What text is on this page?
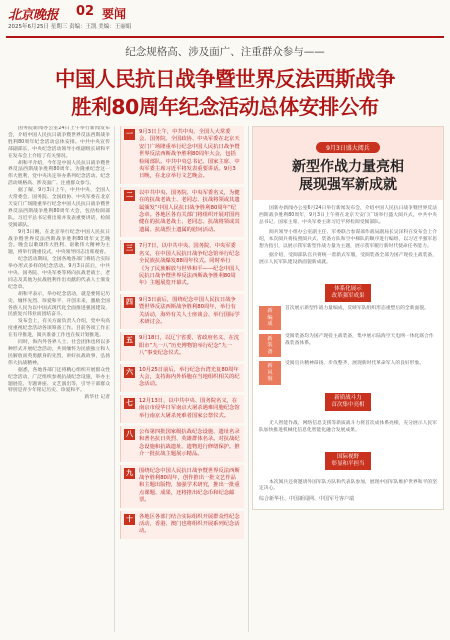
北京晚报 02 要闻
2025年6月25日 星期三 责编：王凯 美编：王丽娟
纪念规格高、涉及面广、注重群众参与——
中国人民抗日战争暨世界反法西斯战争
胜利80周年纪念活动总体安排公布

国务院新闻办公室24日上午举行新闻发布会，介绍中国人民抗日战争暨世界反法西斯战争胜利80周年纪念活动总体安排。中共中央宣传部副部长、中央纪念活动领导小组副组长胡和平在发布会上介绍了有关情况。

胡和平介绍，今年是中国人民抗日战争暨世界反法西斯战争胜利80周年。为隆重纪念这一伟大胜利，党中央决定举办系列纪念活动。纪念活动规格高、涉及面广、注重群众参与。

据了解，9月3日上午，中共中央、全国人大常委会、国务院、全国政协、中央军委在北京天安门广场隆重举行纪念中国人民抗日战争暨世界反法西斯战争胜利80周年大会，包括检阅部队。习近平总书记将出席并发表重要讲话，检阅受阅部队。

9月3日晚，在北京举行纪念中国人民抗日战争暨世界反法西斯战争胜利80周年文艺晚会。晚会以歌颂伟大胜利、讴歌伟大精神为主题，将举行隆重仪式，中央领导同志出席观看。

纪念活动期间，全国各地各部门将结合实际举办形式多样的纪念活动。9月3日前后，中共中央、国务院、中央军委等将向抗战老战士、老同志及其他为抗战胜利作出贡献的代表人士颁发纪念章。

胡和平表示，举办纪念活动，就是要铭记历史、缅怀先烈、珍爱和平、开创未来，激励全国各族人民为以中国式现代化全面推进强国建设、民族复兴伟业而团结奋斗。

发布会上，有关方面负责人介绍，党中央高度重视纪念活动各项筹备工作。目前各项工作正在有序推进，阅兵准备工作也在按计划推进。

同时，海内外各界人士、社会团体也将以多种形式开展纪念活动，共同缅怀为民族独立和人民解放而英勇献身的先烈，讲好抗战故事，弘扬伟大抗战精神。

据悉，各地各部门还将精心组织开展群众性纪念活动，广泛组织参观抗战纪念设施，举办主题展览、专题讲座、文艺演出等，引导干部群众特别是青少年铭记历史、珍爱和平。

新华社 记者

一	9月3日上午，中共中央、全国人大常委会、国务院、全国政协、中央军委在北京天安门广场隆重举行纪念中国人民抗日战争暨世界反法西斯战争胜利80周年大会，包括检阅部队。中共中央总书记、国家主席、中央军委主席习近平将发表重要讲话。9月3日晚，在北京举行文艺晚会。
二	以中共中央、国务院、中央军委名义，为健在的抗战老战士、老同志、抗战将领或其遗属颁发“中国人民抗日战争胜利80周年”纪念章。各地区各有关部门将组织开展对国内健在的抗战老战士、老同志、抗战将领或其遗属、抗战烈士遗属的慰问活动。
三	7月7日，以中共中央、国务院、中央军委名义，在中国人民抗日战争纪念馆举行纪念全民族抗战爆发88周年仪式。同时举行《为了民族解放与世界和平——纪念中国人民抗日战争暨世界反法西斯战争胜利80周年》主题展览开幕式。
四	9月3日前后，围绕纪念中国人民抗日战争暨世界反法西斯战争胜利80周年，举行有关活动，海外有关人士座谈会、举行国际学术研讨会。
五	9月18日，以辽宁省委、省政府名义，在沈阳市“九一八”历史博物馆举行纪念“九一八”事变纪念仪式。
六	10月25日前后，举行纪念台湾光复80周年大会，支持海内外侨胞在当地组织相关的纪念活动。
七	12月13日，以中共中央、国务院名义，在南京市侵华日军南京大屠杀遇难同胞纪念馆举行南京大屠杀死难者国家公祭仪式。
八	公布第四批国家级抗战纪念设施、遗址名录和著名抗日英烈、英雄群体名录。对抗战纪念设施和抗战遗址、遗物进行修缮保护。推介一批抗战主题展示精品。
九	围绕纪念中国人民抗日战争暨世界反法西斯战争胜利80周年，创作推出一批文艺作品和主题出版物，加强学术研究，推出一批重点课题、成果，还将推出纪念币和纪念邮票。
十	各地区各部门结合实际组织开展群众性纪念活动，香港、澳门也将组织开展系列纪念活动。
9月3日盛大阅兵
新型作战力量亮相
展现强军新成就

国新办新闻办公室6月24日举行新闻发布会，介绍中国人民抗日战争暨世界反法西斯战争胜利80周年，9月3日上午将在北京天安门广场举行盛大阅兵式，中共中央总书记、国家主席、中央军委主席习近平将检阅受阅部队。

阅兵领导小组办公室副主任、军委联合参谋部作战局副局长吴泽科在发布会上介绍，本次阅兵将按照阅兵式、装备方队和空中梯队的顺序进行编组，以习近平强军思想为指引，以展示我军新型作战力量为主题，展示我军履行新时代使命任务能力。

据介绍，受阅部队官兵将统一着新式军服，受阅装备全部为国产现役主战装备，展示人民军队建设新面貌新成就。

体系化展示
改革强军成果
新
编
成
首次展示新型作战力量编成，反映军队组织形态重塑后的全新面貌。
新
装
备
受阅装备均为国产现役主战装备，集中展示陆海空天电网一体化联合作战装备体系。
新
风
貌
受阅官兵精神昂扬、步伐整齐，展现新时代革命军人的良好形象。
新质战斗力
首次集中亮相

无人智能作战、网络信息支援等新质战斗力将首次成体系亮相，充分展示人民军队加快推进机械化信息化智能化融合发展成果。

国际视野
彰显和平担当

本次阅兵还将邀请外国军队方队和代表队参加，展现中国军队维护世界和平的坚定决心。

综合新华社、中国新闻网、中国军号客户端
